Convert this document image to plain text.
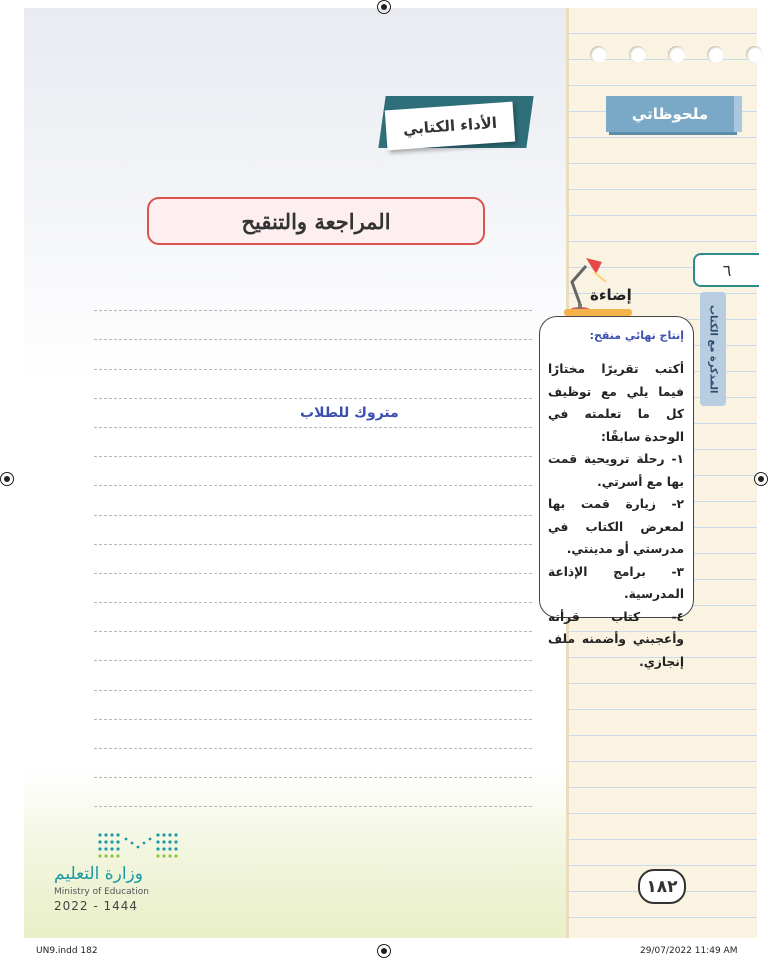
الأداء الكتابي
المراجعة والتنقيح
متروك للطلاب
ملحوظاتي
٦
المذكرة مع الكتاب
إضاءة
إنتاج نهائي منقح:

أكتب تقريرًا مختارًا فيما يلي مع توظيف كل ما تعلمته في الوحدة سابقًا:

١- رحلة ترويحية قمت بها مع أسرتي.

٢- زيارة قمت بها لمعرض الكتاب في مدرستي أو مدينتي.

٣- برامج الإذاعة المدرسية.

٤- كتاب قرأته وأعجبني وأضمنه ملف إنجازي.

وزارة التعليم
Ministry of Education
2022 - 1444
١٨٢
UN9.indd 182	29/07/2022 11:49 AM
